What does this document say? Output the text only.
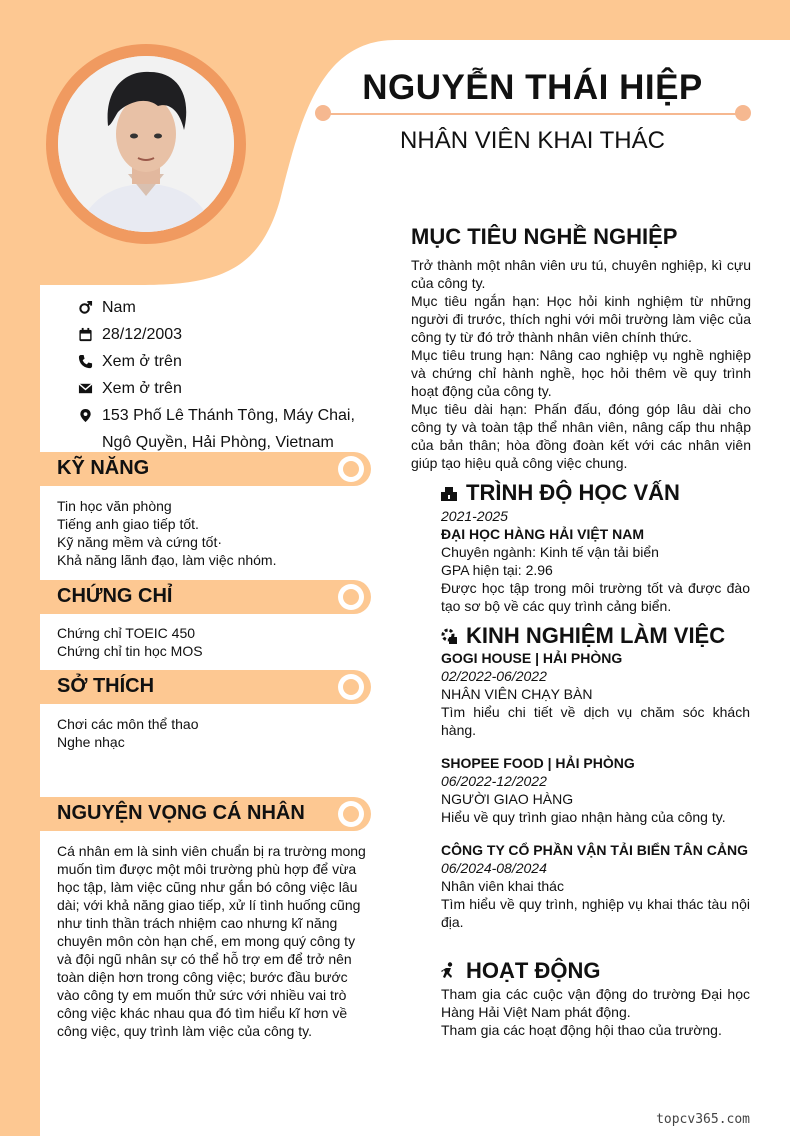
NGUYỄN THÁI HIỆP
NHÂN VIÊN KHAI THÁC
Nam
28/12/2003
Xem ở trên
Xem ở trên
153 Phố Lê Thánh Tông, Máy Chai,
Ngô Quyền, Hải Phòng, Vietnam
KỸ NĂNG
Tin học văn phòng
Tiếng anh giao tiếp tốt.
Kỹ năng mềm và cứng tốt·
Khả năng lãnh đạo, làm việc nhóm.
CHỨNG CHỈ
Chứng chỉ TOEIC 450
Chứng chỉ tin học MOS
SỞ THÍCH
Chơi các môn thể thao
Nghe nhạc
NGUYỆN VỌNG CÁ NHÂN
Cá nhân em là sinh viên chuẩn bị ra trường mong muốn tìm được một môi trường phù hợp để vừa học tập, làm việc cũng như gắn bó công việc lâu dài; với khả năng giao tiếp, xử lí tình huống cũng như tinh thần trách nhiệm cao nhưng kĩ năng chuyên môn còn hạn chế, em mong quý công ty và đội ngũ nhân sự có thể hỗ trợ em để trở nên toàn diện hơn trong công việc; bước đầu bước vào công ty em muốn thử sức với nhiều vai trò công việc khác nhau qua đó tìm hiểu kĩ hơn về công việc, quy trình làm việc của công ty.
MỤC TIÊU NGHỀ NGHIỆP
Trở thành một nhân viên ưu tú, chuyên nghiệp, kì cựu của công ty.
Mục tiêu ngắn hạn: Học hỏi kinh nghiệm từ những người đi trước, thích nghi với môi trường làm việc của công ty từ đó trở thành nhân viên chính thức.
Mục tiêu trung hạn: Nâng cao nghiệp vụ nghề nghiệp và chứng chỉ hành nghề, học hỏi thêm về quy trình hoạt động của công ty.
Mục tiêu dài hạn: Phấn đấu, đóng góp lâu dài cho công ty và toàn tập thể nhân viên, nâng cấp thu nhập của bản thân; hòa đồng đoàn kết với các nhân viên giúp tạo hiệu quả công việc chung.
TRÌNH ĐỘ HỌC VẤN
2021-2025
ĐẠI HỌC HÀNG HẢI VIỆT NAM
Chuyên ngành: Kinh tế vận tải biển
GPA hiện tại: 2.96
Được học tập trong môi trường tốt và được đào tạo sơ bộ về các quy trình cảng biển.
KINH NGHIỆM LÀM VIỆC
GOGI HOUSE | HẢI PHÒNG
02/2022-06/2022
NHÂN VIÊN CHẠY BÀN
Tìm hiểu chi tiết về dịch vụ chăm sóc khách hàng.
SHOPEE FOOD | HẢI PHÒNG
06/2022-12/2022
NGƯỜI GIAO HÀNG
Hiểu về quy trình giao nhận hàng của công ty.
CÔNG TY CỔ PHẦN VẬN TẢI BIỂN TÂN CẢNG
06/2024-08/2024
Nhân viên khai thác
Tìm hiểu về quy trình, nghiệp vụ khai thác tàu nội địa.
HOẠT ĐỘNG
Tham gia các cuộc vận động do trường Đại học Hàng Hải Việt Nam phát động.
Tham gia các hoạt động hội thao của trường.
topcv365.com
